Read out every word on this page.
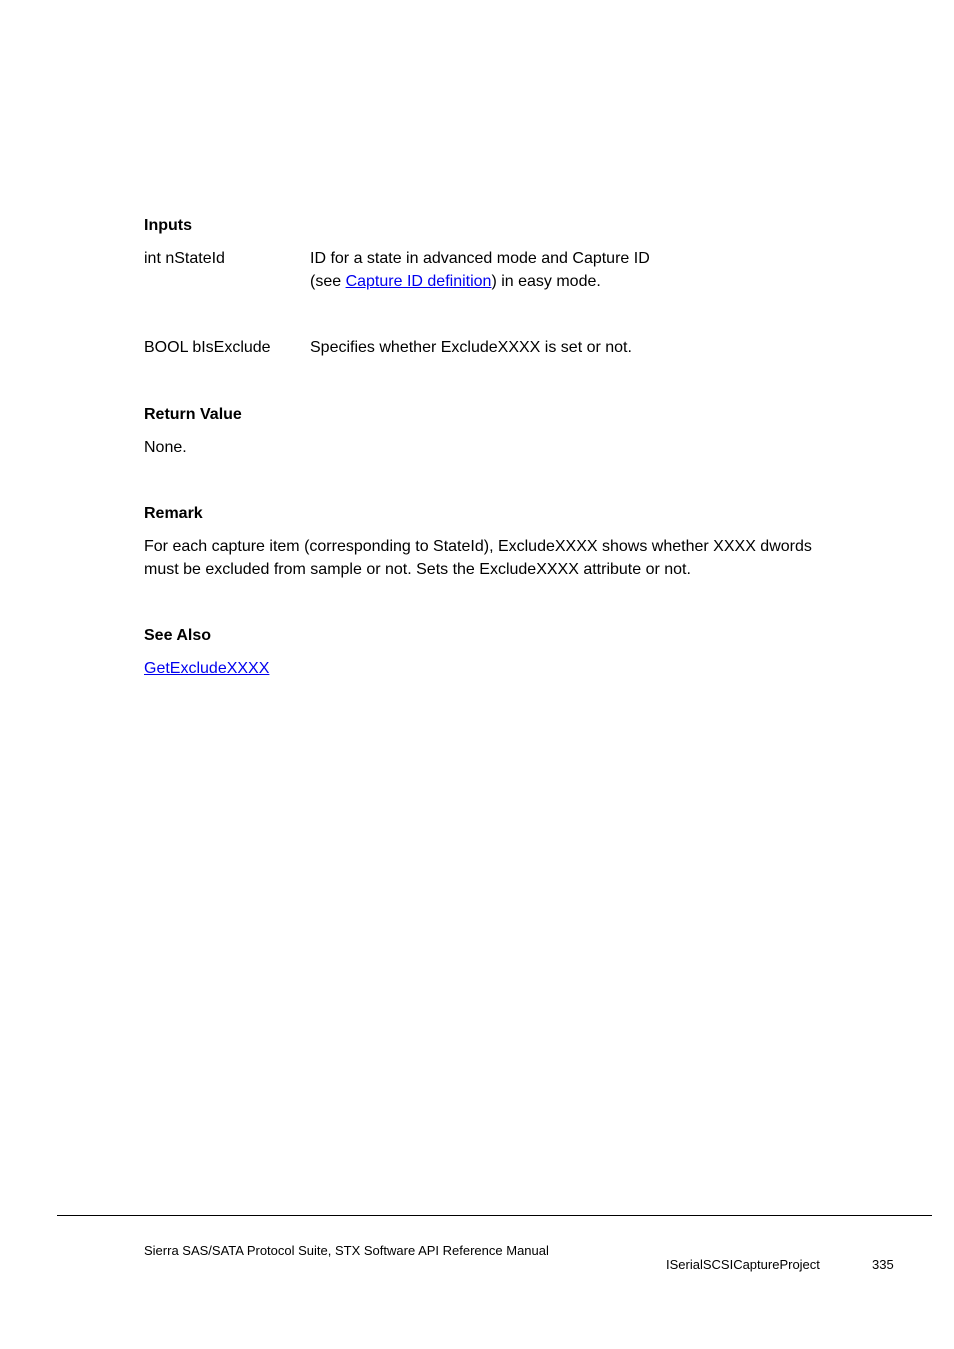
Inputs
int nStateId	ID for a state in advanced mode and Capture ID
(see Capture ID definition) in easy mode.
BOOL bIsExclude Specifies whether ExcludeXXXX is set or not.
Return Value
None.
Remark
For each capture item (corresponding to StateId), ExcludeXXXX shows whether XXXX dwords
must be excluded from sample or not. Sets the ExcludeXXXX attribute or not.
See Also
GetExcludeXXXX
Sierra SAS/SATA Protocol Suite, STX Software API Reference Manual
ISerialSCSICaptureProject	335
